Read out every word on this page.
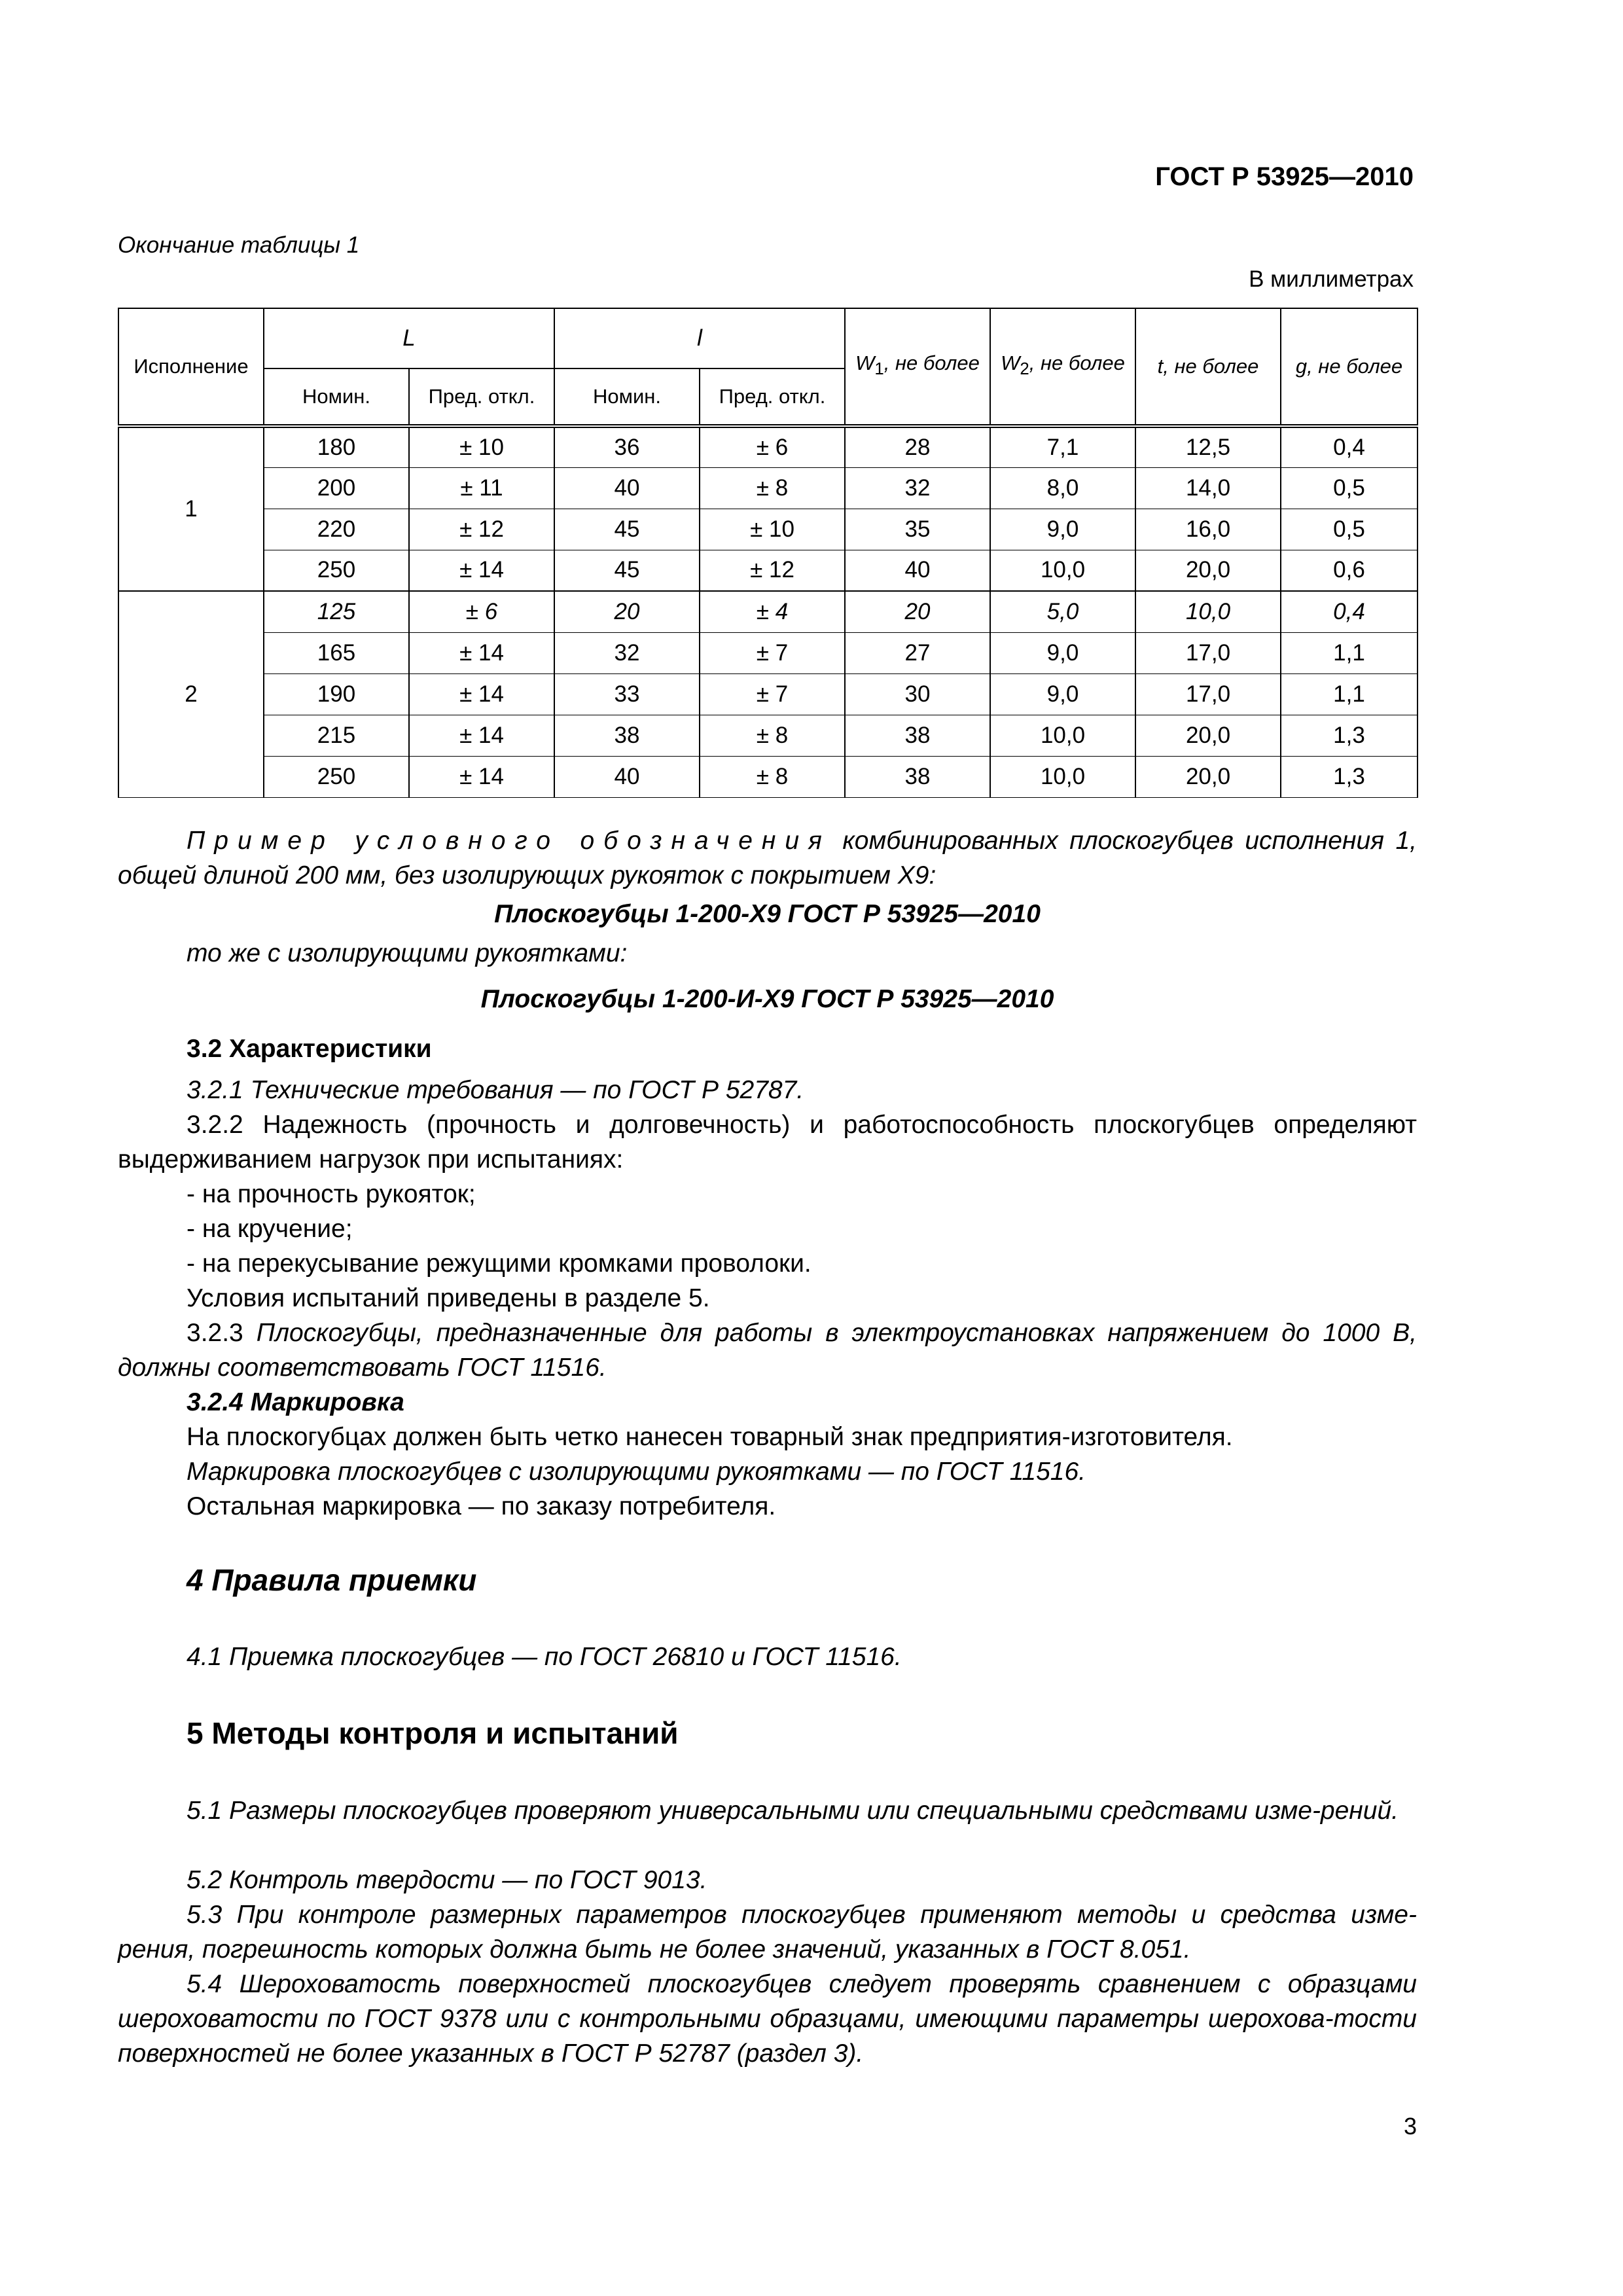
ГОСТ Р 53925—2010
Окончание таблицы 1
В миллиметрах
Исполнение	L		l		$W_1$, не более	$W_2$, не более	t, не более	g, не более
	Номин.	Пред. откл.	Номин.	Пред. откл.				
1	180	± 10	36	± 6	28	7,1	12,5	0,4
	200	± 11	40	± 8	32	8,0	14,0	0,5
	220	± 12	45	± 10	35	9,0	16,0	0,5
	250	± 14	45	± 12	40	10,0	20,0	0,6
2	125	± 6	20	± 4	20	5,0	10,0	0,4
	165	± 14	32	± 7	27	9,0	17,0	1,1
	190	± 14	33	± 7	30	9,0	17,0	1,1
	215	± 14	38	± 8	38	10,0	20,0	1,3
	250	± 14	40	± 8	38	10,0	20,0	1,3
Пример условного обозначения комбинированных плоскогубцев исполнения 1, общей длиной 200 мм, без изолирующих рукояток с покрытием Х9:
Плоскогубцы 1-200-Х9 ГОСТ Р 53925—2010
то же с изолирующими рукоятками:
Плоскогубцы 1-200-И-Х9 ГОСТ Р 53925—2010
3.2 Характеристики
3.2.1 Технические требования — по ГОСТ Р 52787.
3.2.2 Надежность (прочность и долговечность) и работоспособность плоскогубцев определяют выдерживанием нагрузок при испытаниях:
- на прочность рукояток;
- на кручение;
- на перекусывание режущими кромками проволоки.
Условия испытаний приведены в разделе 5.
3.2.3 Плоскогубцы, предназначенные для работы в электроустановках напряжением до 1000 В, должны соответствовать ГОСТ 11516.
3.2.4 Маркировка
На плоскогубцах должен быть четко нанесен товарный знак предприятия-изготовителя.
Маркировка плоскогубцев с изолирующими рукоятками — по ГОСТ 11516.
Остальная маркировка — по заказу потребителя.
4 Правила приемки
4.1 Приемка плоскогубцев — по ГОСТ 26810 и ГОСТ 11516.
5 Методы контроля и испытаний
5.1 Размеры плоскогубцев проверяют универсальными или специальными средствами изме-рений.
5.2 Контроль твердости — по ГОСТ 9013.
5.3 При контроле размерных параметров плоскогубцев применяют методы и средства изме-рения, погрешность которых должна быть не более значений, указанных в ГОСТ 8.051.
5.4 Шероховатость поверхностей плоскогубцев следует проверять сравнением с образцами шероховатости по ГОСТ 9378 или с контрольными образцами, имеющими параметры шерохова-тости поверхностей не более указанных в ГОСТ Р 52787 (раздел 3).
3
